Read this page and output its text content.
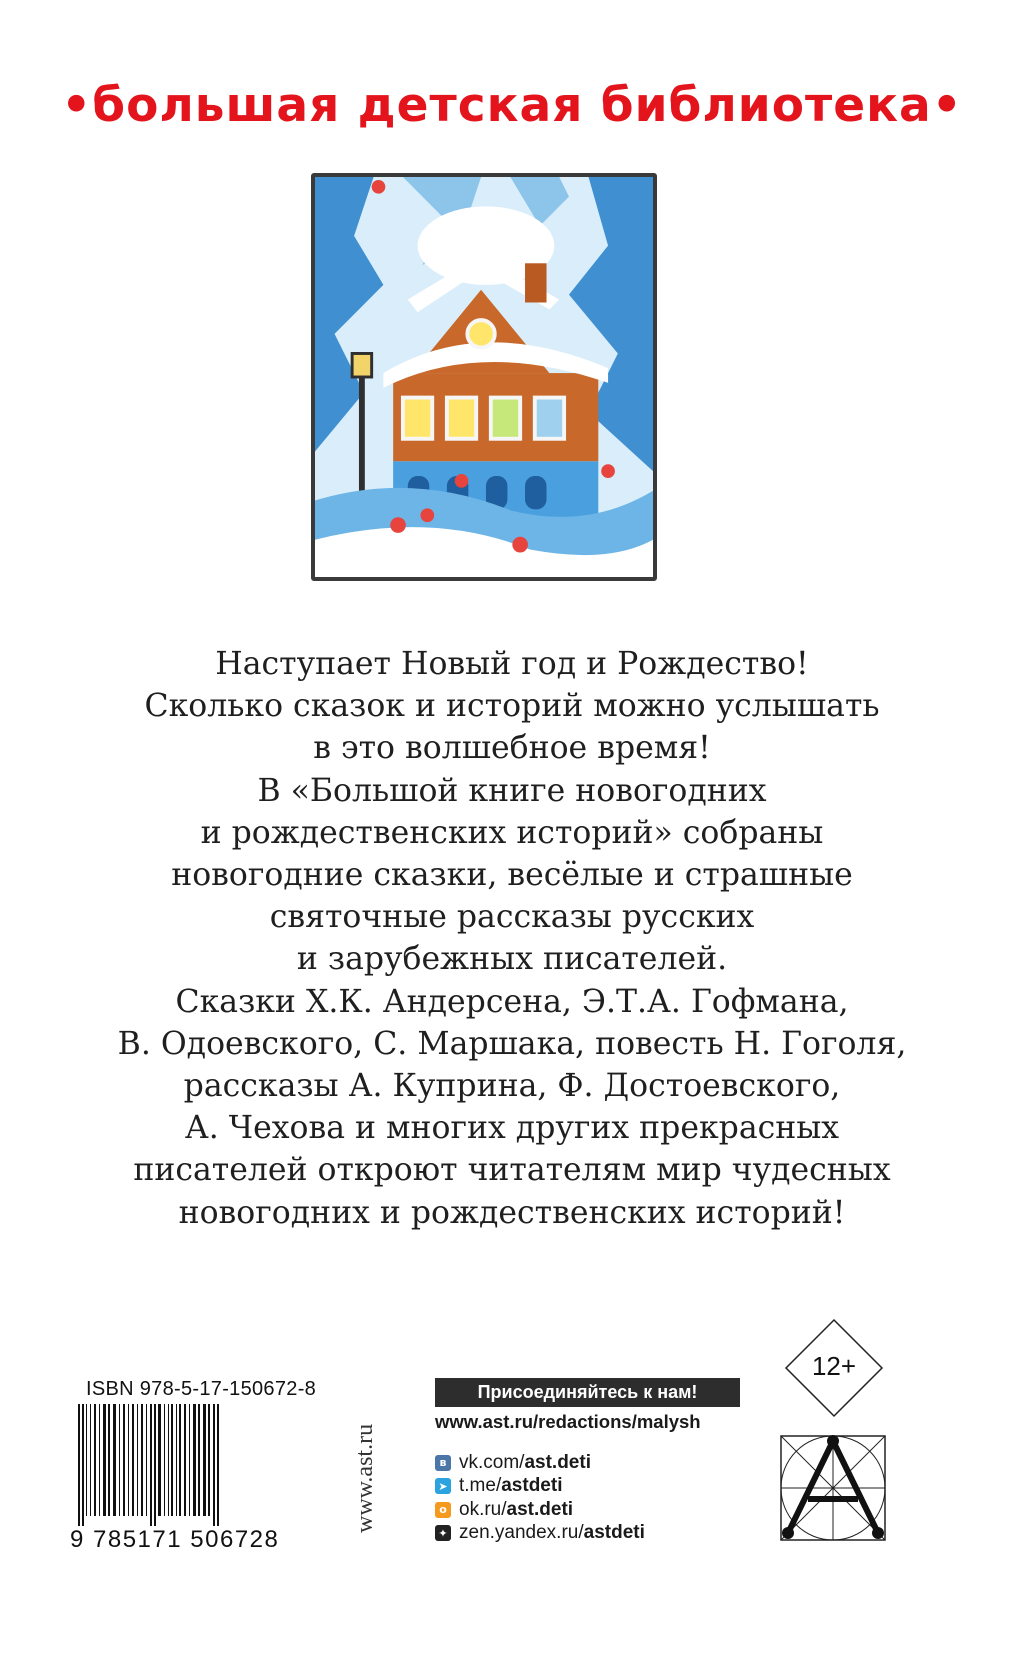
•большая детская библиотека•
Наступает Новый год и Рождество!
Сколько сказок и историй можно услышать
в это волшебное время!
В «Большой книге новогодних
и рождественских историй» собраны
новогодние сказки, весёлые и страшные
святочные рассказы русских
и зарубежных писателей.
Сказки Х.К. Андерсена, Э.Т.А. Гофмана,
В. Одоевского, С. Маршака, повесть Н. Гоголя,
рассказы А. Куприна, Ф. Достоевского,
А. Чехова и многих других прекрасных
писателей откроют читателям мир чудесных
новогодних и рождественских историй!
ISBN 978-5-17-150672-8
9 785171 506728
www.ast.ru
Присоединяйтесь к нам!
www.ast.ru/redactions/malysh
в vk.com/ ast.deti
➤ t.me/ astdeti
o ok.ru/ ast.deti
✦ zen.yandex.ru/ astdeti
12+
